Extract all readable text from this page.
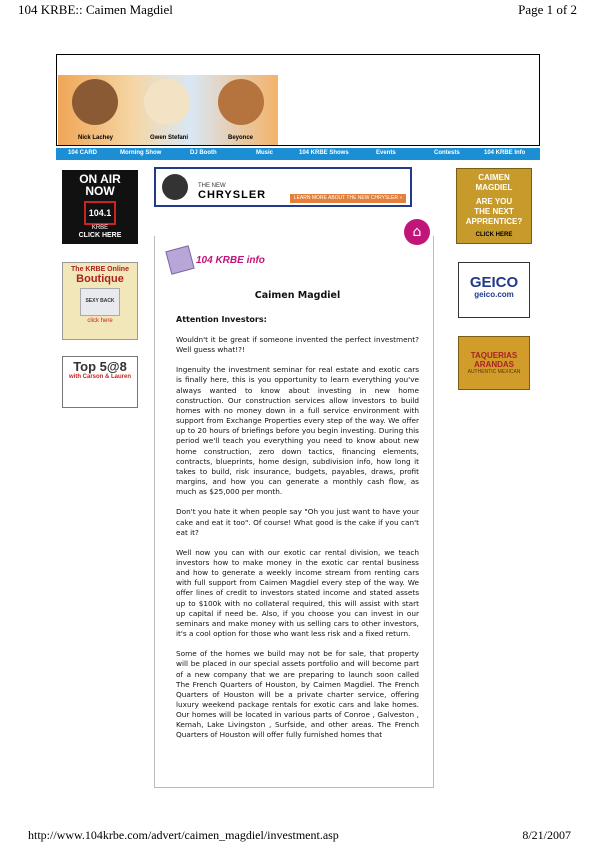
104 KRBE:: Caimen Magdiel	Page 1 of 2
http://www.104krbe.com/advert/caimen_magdiel/investment.asp	8/21/2007
Nick Lachey	Gwen Stefani	Beyonce
104 CARD	Morning Show	DJ Booth	Music	104 KRBE Shows	Events	Contests	104 KRBE Info
ON AIR
NOW
104.1
KRBE
CLICK HERE
The KRBE Online
Boutique
SEXY BACK
click here
Top 5@8
with Carson & Lauren
THE NEW
CHRYSLER	LEARN MORE ABOUT THE NEW CHRYSLER »
CAIMEN
MAGDIEL
ARE YOU
THE NEXT
APPRENTICE?
CLICK HERE
GEICO
geico.com
TAQUERIAS ARANDAS
AUTHENTIC MEXICAN
⌂
104 KRBE info
Caimen Magdiel
Attention Investors:

Wouldn't it be great if someone invented the perfect investment? Well guess what!?!

Ingenuity the investment seminar for real estate and exotic cars is finally here, this is you opportunity to learn everything you've always wanted to know about investing in new home construction. Our construction services allow investors to build homes with no money down in a full service environment with support from Exchange Properties every step of the way. We offer up to 20 hours of briefings before you begin investing. During this period we'll teach you everything you need to know about new home construction, zero down tactics, financing elements, contracts, blueprints, home design, subdivision info, how long it takes to build, risk insurance, budgets, payables, draws, profit margins, and how you can generate a monthly cash flow, as much as $25,000 per month.

Don't you hate it when people say "Oh you just want to have your cake and eat it too". Of course! What good is the cake if you can't eat it?

Well now you can with our exotic car rental division, we teach investors how to make money in the exotic car rental business and how to generate a weekly income stream from renting cars with full support from Caimen Magdiel every step of the way. We offer lines of credit to investors stated income and stated assets up to $100k with no collateral required, this will assist with start up capital if need be. Also, if you choose you can invest in our seminars and make money with us selling cars to other investors, it's a cool option for those who want less risk and a fixed return.

Some of the homes we build may not be for sale, that property will be placed in our special assets portfolio and will become part of a new company that we are preparing to launch soon called The French Quarters of Houston, by Caimen Magdiel. The French Quarters of Houston will be a private charter service, offering luxury weekend package rentals for exotic cars and lake homes. Our homes will be located in various parts of Conroe , Galveston , Kemah, Lake Livingston , Surfside, and other areas. The French Quarters of Houston will offer fully furnished homes that
